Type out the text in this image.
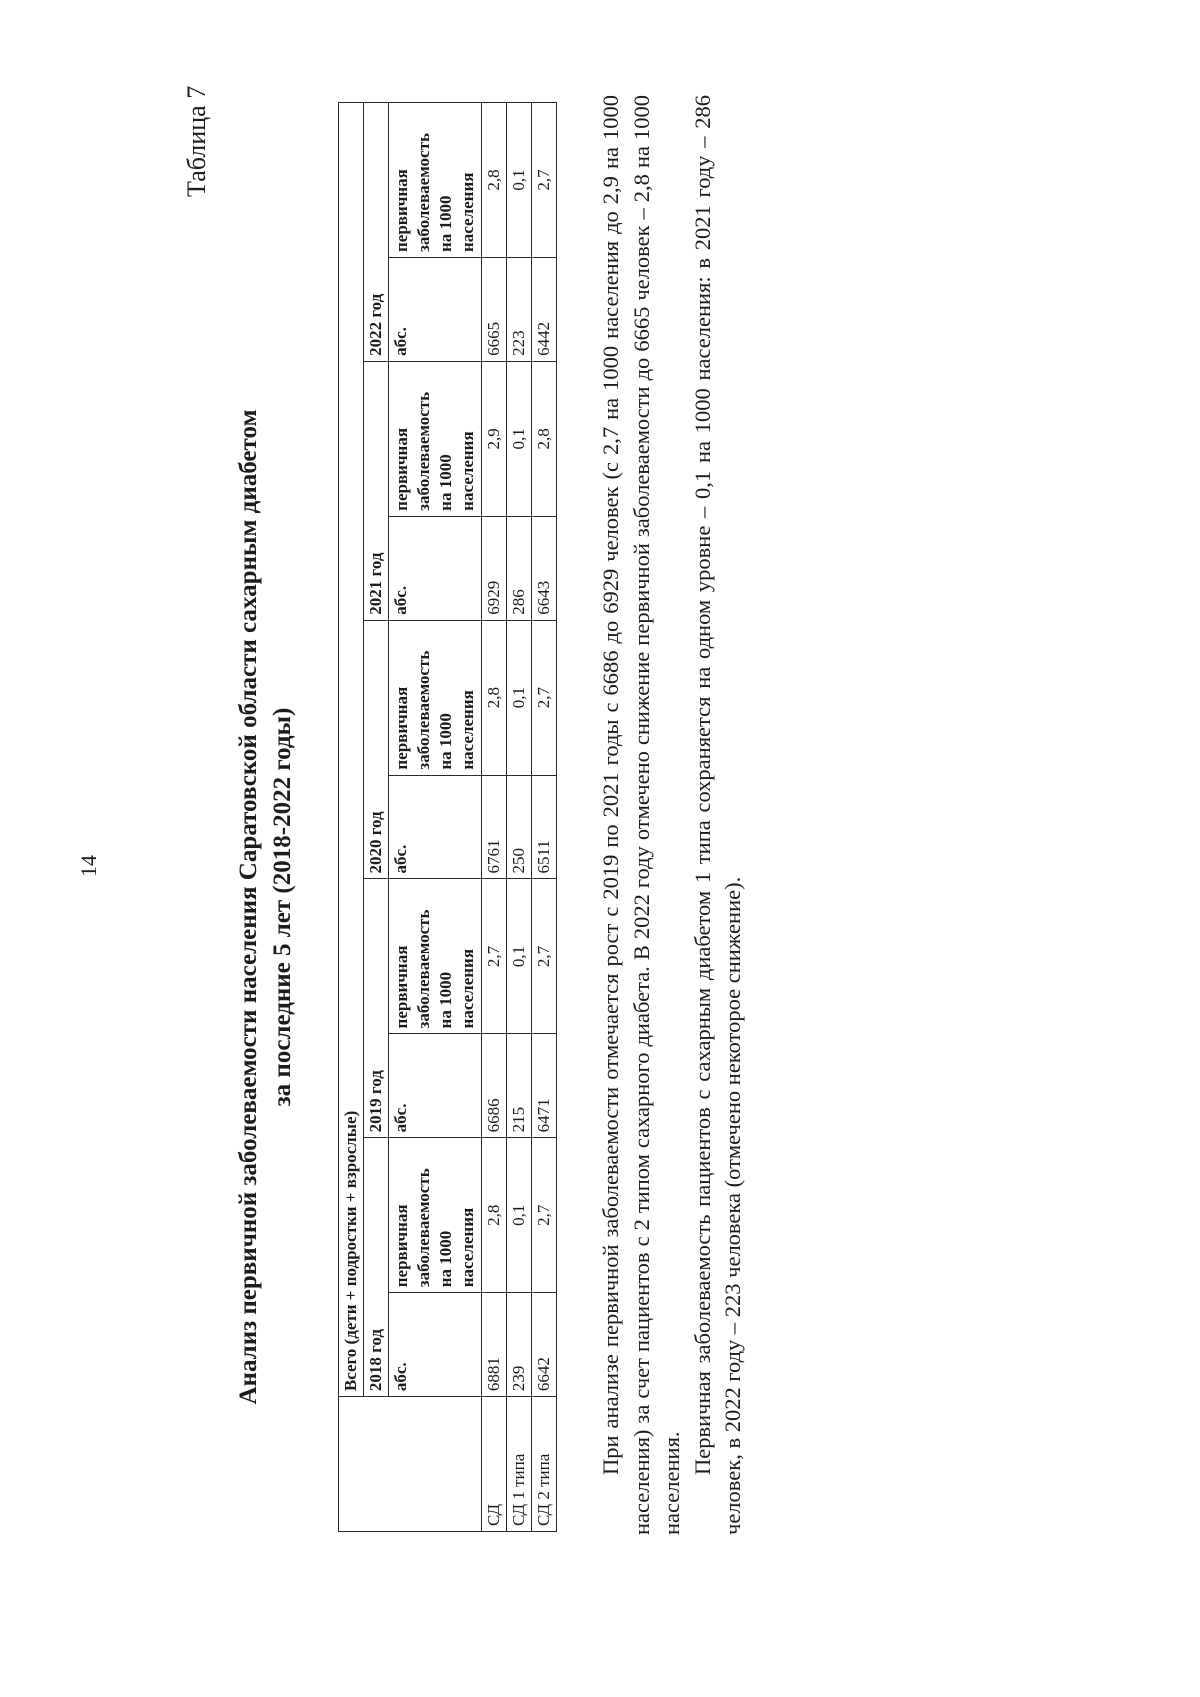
14
Таблица 7
Анализ первичной заболеваемости населения Саратовской области сахарным диабетом за последние 5 лет (2018-2022 годы)
	Всего (дети + подростки + взрослые)									
	2018 год		2019 год		2020 год		2021 год		2022 год	
	абс.	первичная заболеваемость на 1000 населения	абс.	первичная заболеваемость на 1000 населения	абс.	первичная заболеваемость на 1000 населения	абс.	первичная заболеваемость на 1000 населения	абс.	первичная заболеваемость на 1000 населения
СД	6881	2,8	6686	2,7	6761	2,8	6929	2,9	6665	2,8
СД 1 типа	239	0,1	215	0,1	250	0,1	286	0,1	223	0,1
СД 2 типа	6642	2,7	6471	2,7	6511	2,7	6643	2,8	6442	2,7

При анализе первичной заболеваемости отмечается рост с 2019 по 2021 годы с 6686 до 6929 человек (с 2,7 на 1000 населения до 2,9 на 1000 населения) за счет пациентов с 2 типом сахарного диабета. В 2022 году отмечено снижение первичной заболеваемости до 6665 человек – 2,8 на 1000 населения.

Первичная заболеваемость пациентов с сахарным диабетом 1 типа сохраняется на одном уровне – 0,1 на 1000 населения: в 2021 году – 286 человек, в 2022 году – 223 человека (отмечено некоторое снижение).
